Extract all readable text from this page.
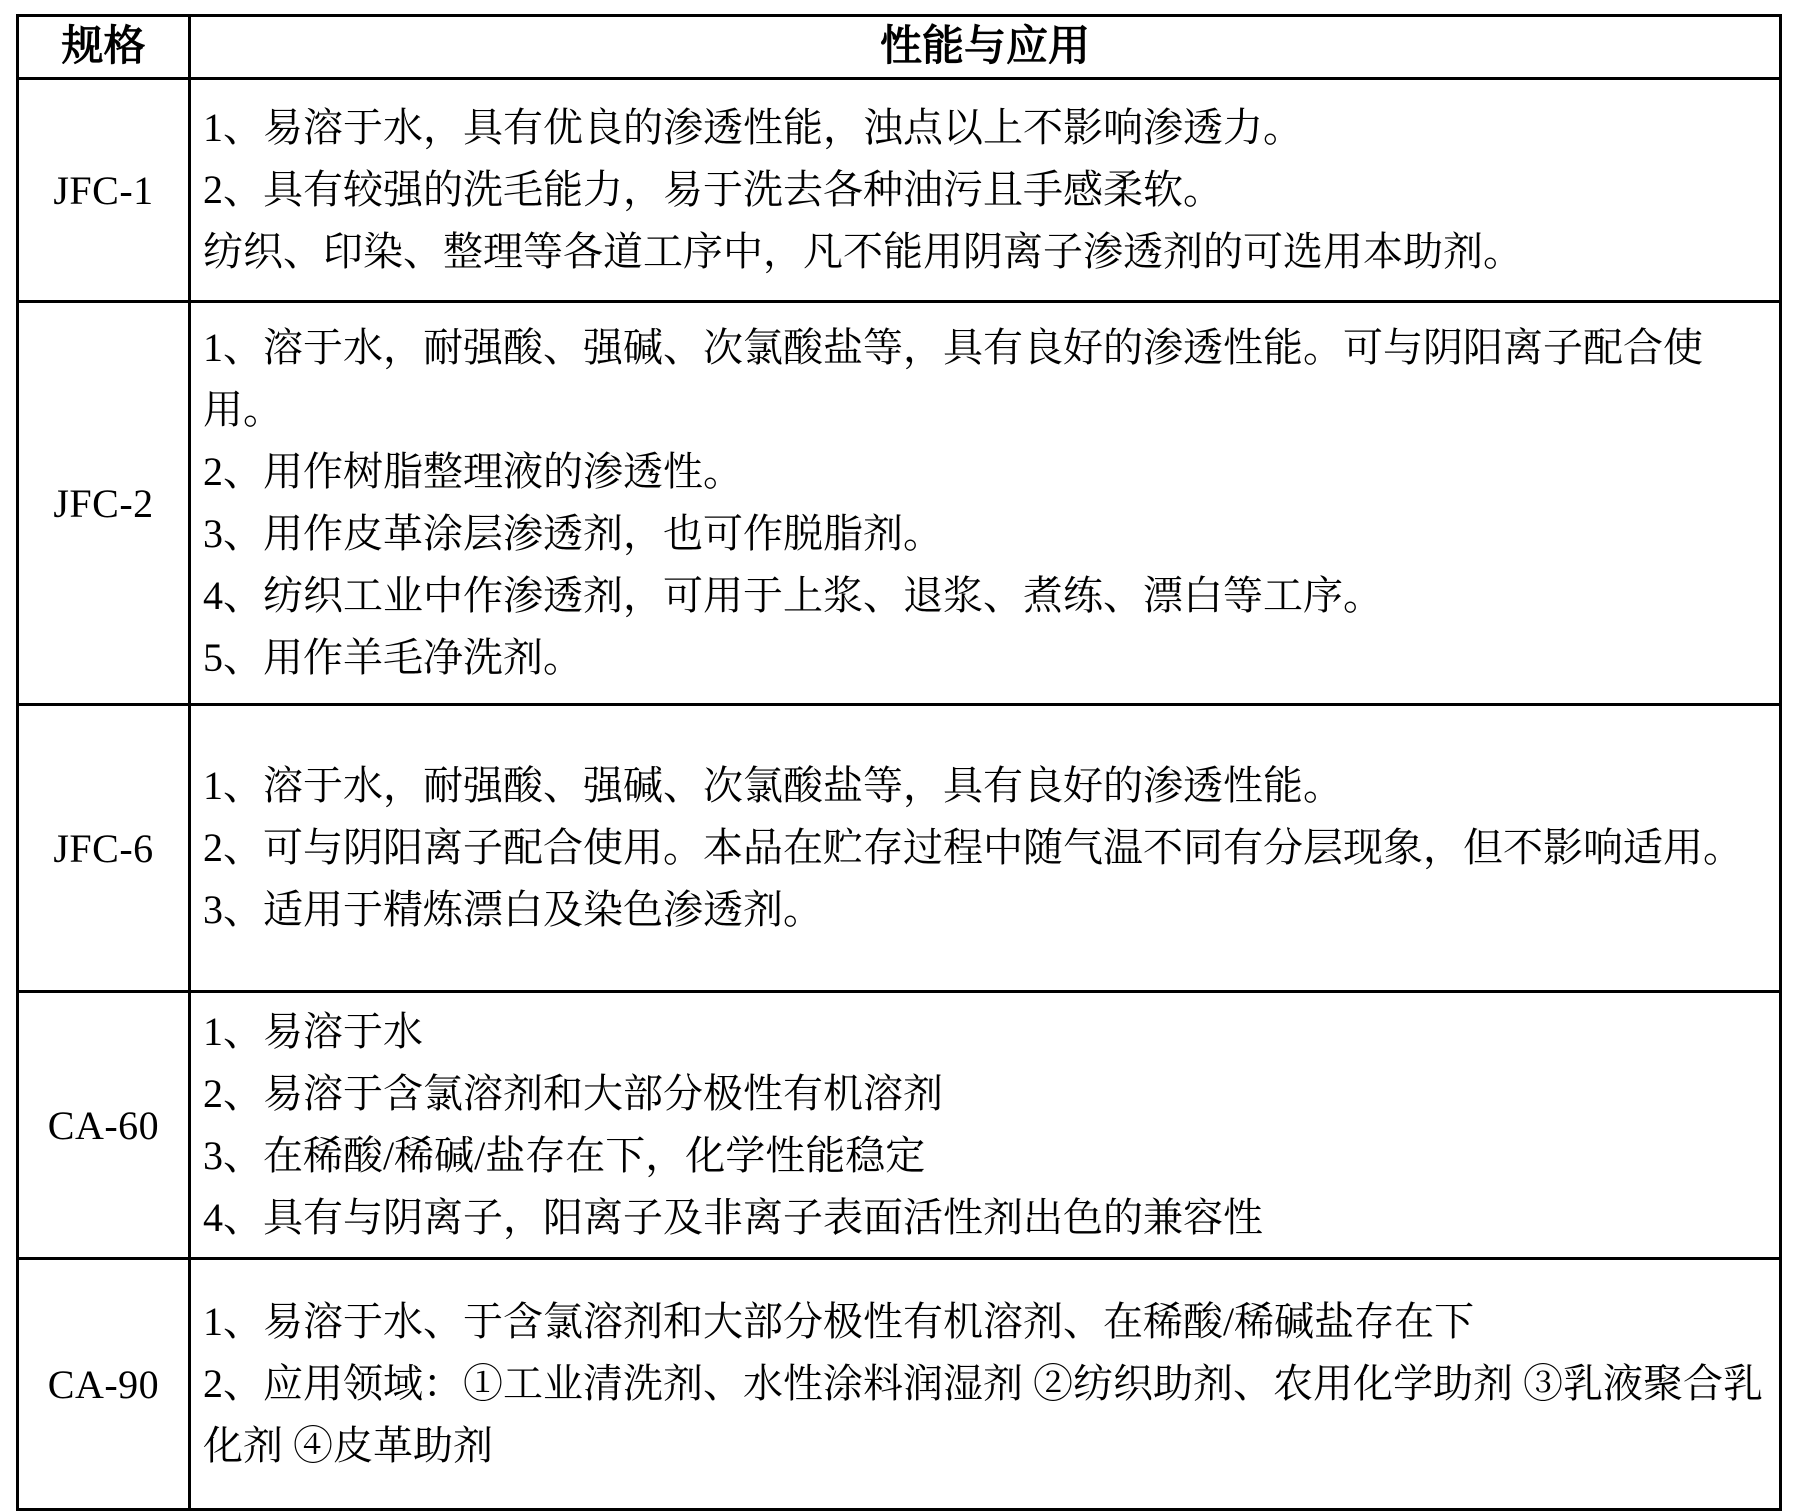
规格	性能与应用
JFC-1	1、易溶于水，具有优良的渗透性能，浊点以上不影响渗透力。

2、具有较强的洗毛能力，易于洗去各种油污且手感柔软。

纺织、印染、整理等各道工序中，凡不能用阴离子渗透剂的可选用本助剂。

JFC-2	1、溶于水，耐强酸、强碱、次氯酸盐等，具有良好的渗透性能。可与阴阳离子配合使用。

2、用作树脂整理液的渗透性。

3、用作皮革涂层渗透剂，也可作脱脂剂。

4、纺织工业中作渗透剂，可用于上浆、退浆、煮练、漂白等工序。

5、用作羊毛净洗剂。

JFC-6	1、溶于水，耐强酸、强碱、次氯酸盐等，具有良好的渗透性能。

2、可与阴阳离子配合使用。本品在贮存过程中随气温不同有分层现象，但不影响适用。

3、适用于精炼漂白及染色渗透剂。

CA-60	1、易溶于水

2、易溶于含氯溶剂和大部分极性有机溶剂

3、在稀酸/稀碱/盐存在下，化学性能稳定

4、具有与阴离子，阳离子及非离子表面活性剂出色的兼容性

CA-90	1、易溶于水、于含氯溶剂和大部分极性有机溶剂、在稀酸/稀碱盐存在下

2、应用领域：①工业清洗剂、水性涂料润湿剂 ②纺织助剂、农用化学助剂 ③乳液聚合乳化剂 ④皮革助剂
